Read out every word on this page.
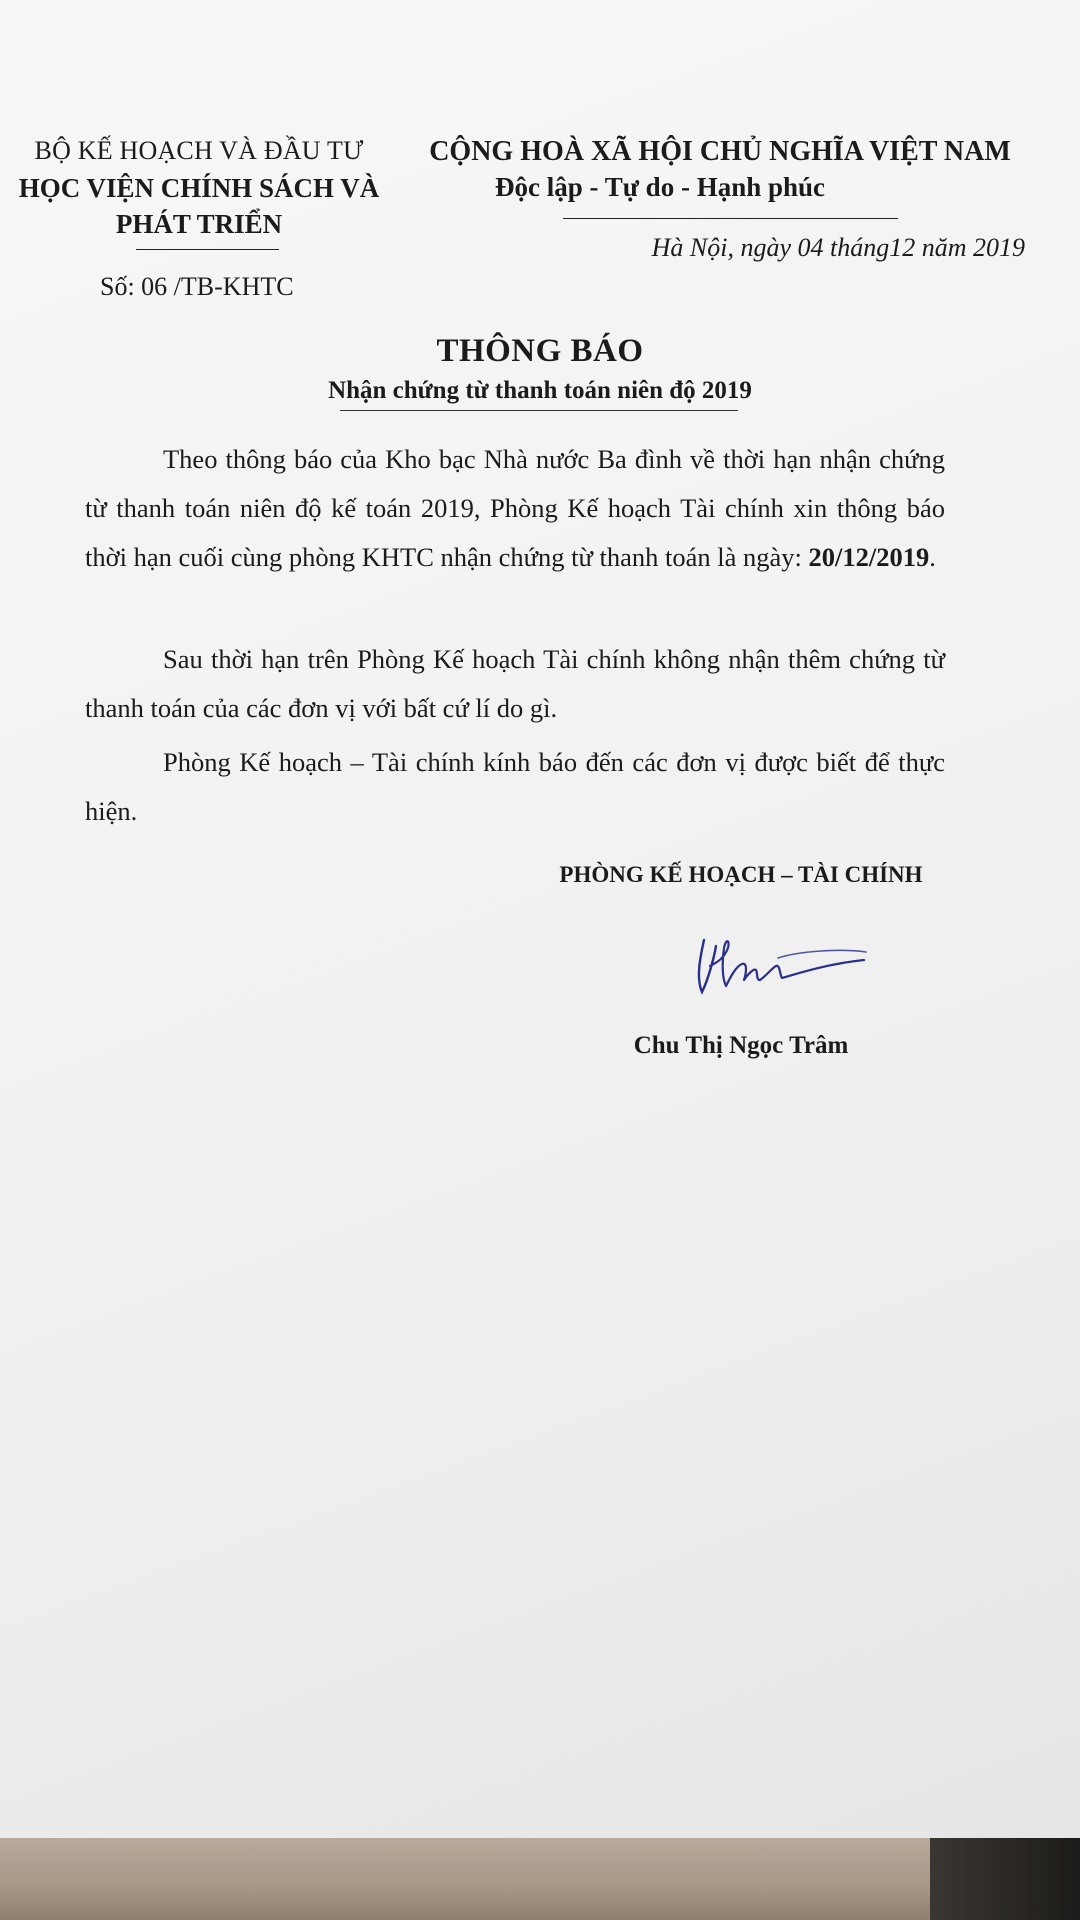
BỘ KẾ HOẠCH VÀ ĐẦU TƯ
HỌC VIỆN CHÍNH SÁCH VÀ
PHÁT TRIỂN
Số: 06 /TB-KHTC
CỘNG HOÀ XÃ HỘI CHỦ NGHĨA VIỆT NAM
Độc lập - Tự do - Hạnh phúc
Hà Nội, ngày 04 tháng12 năm 2019
THÔNG BÁO
Nhận chứng từ thanh toán niên độ 2019
Theo thông báo của Kho bạc Nhà nước Ba đình về thời hạn nhận chứng từ thanh toán niên độ kế toán 2019, Phòng Kế hoạch Tài chính xin thông báo thời hạn cuối cùng phòng KHTC nhận chứng từ thanh toán là ngày: 20/12/2019.
Sau thời hạn trên Phòng Kế hoạch Tài chính không nhận thêm chứng từ thanh toán của các đơn vị với bất cứ lí do gì.
Phòng Kế hoạch – Tài chính kính báo đến các đơn vị được biết để thực hiện.
PHÒNG KẾ HOẠCH – TÀI CHÍNH
Chu Thị Ngọc Trâm
